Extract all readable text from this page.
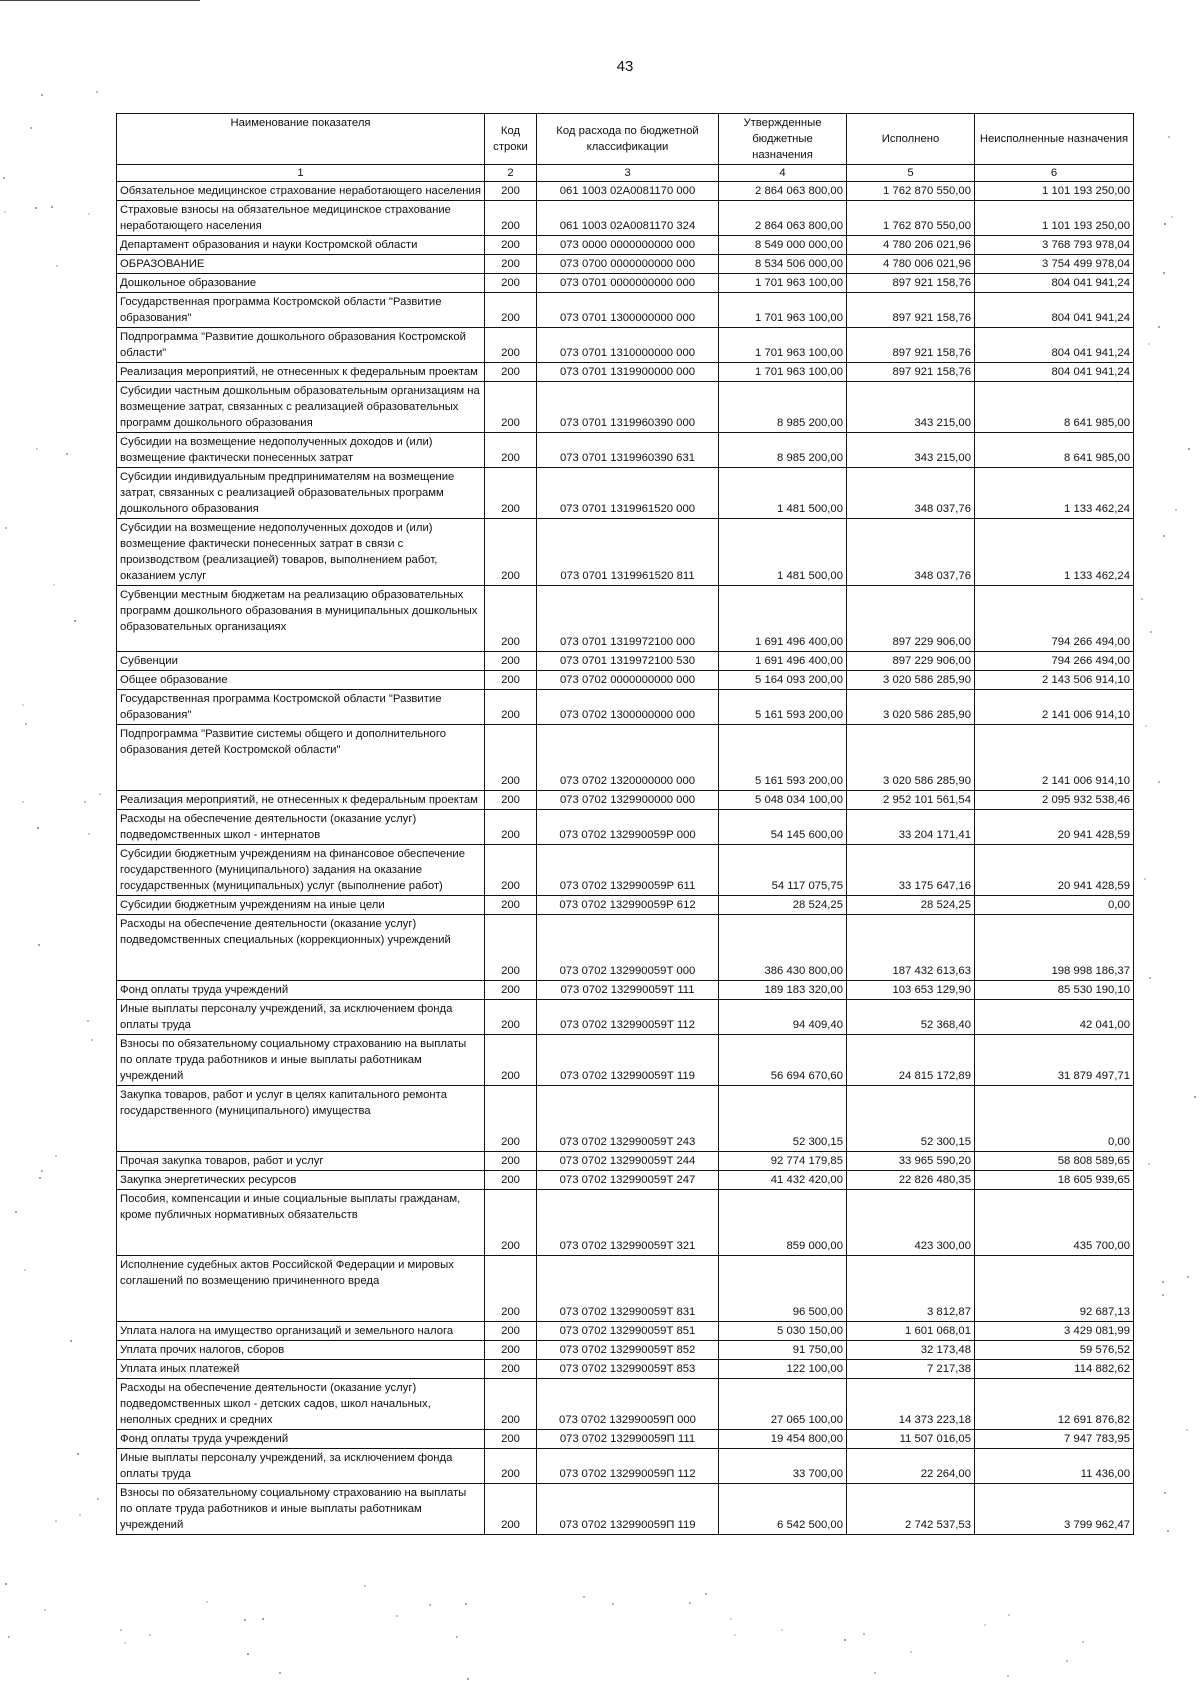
43
Наименование показателя	Код строки	Код расхода по бюджетной классификации	Утвержденные бюджетные назначения	Исполнено	Неисполненные назначения
1	2	3	4	5	6
Обязательное медицинское страхование неработающего населения	200	061 1003 02А0081170 000	2 864 063 800,00	1 762 870 550,00	1 101 193 250,00
Страховые взносы на обязательное медицинское страхование неработающего населения	200	061 1003 02А0081170 324	2 864 063 800,00	1 762 870 550,00	1 101 193 250,00
Департамент образования и науки Костромской области	200	073 0000 0000000000 000	8 549 000 000,00	4 780 206 021,96	3 768 793 978,04
ОБРАЗОВАНИЕ	200	073 0700 0000000000 000	8 534 506 000,00	4 780 006 021,96	3 754 499 978,04
Дошкольное образование	200	073 0701 0000000000 000	1 701 963 100,00	897 921 158,76	804 041 941,24
Государственная программа Костромской области "Развитие образования"	200	073 0701 1300000000 000	1 701 963 100,00	897 921 158,76	804 041 941,24
Подпрограмма "Развитие дошкольного образования Костромской области"	200	073 0701 1310000000 000	1 701 963 100,00	897 921 158,76	804 041 941,24
Реализация мероприятий, не отнесенных к федеральным проектам	200	073 0701 1319900000 000	1 701 963 100,00	897 921 158,76	804 041 941,24
Субсидии частным дошкольным образовательным организациям на возмещение затрат, связанных с реализацией образовательных программ дошкольного образования	200	073 0701 1319960390 000	8 985 200,00	343 215,00	8 641 985,00
Субсидии на возмещение недополученных доходов и (или) возмещение фактически понесенных затрат	200	073 0701 1319960390 631	8 985 200,00	343 215,00	8 641 985,00
Субсидии индивидуальным предпринимателям на возмещение затрат, связанных с реализацией образовательных программ дошкольного образования	200	073 0701 1319961520 000	1 481 500,00	348 037,76	1 133 462,24
Субсидии на возмещение недополученных доходов и (или) возмещение фактически понесенных затрат в связи с производством (реализацией) товаров, выполнением работ, оказанием услуг	200	073 0701 1319961520 811	1 481 500,00	348 037,76	1 133 462,24
Субвенции местным бюджетам на реализацию образовательных программ дошкольного образования в муниципальных дошкольных образовательных организациях	200	073 0701 1319972100 000	1 691 496 400,00	897 229 906,00	794 266 494,00
Субвенции	200	073 0701 1319972100 530	1 691 496 400,00	897 229 906,00	794 266 494,00
Общее образование	200	073 0702 0000000000 000	5 164 093 200,00	3 020 586 285,90	2 143 506 914,10
Государственная программа Костромской области "Развитие образования"	200	073 0702 1300000000 000	5 161 593 200,00	3 020 586 285,90	2 141 006 914,10
Подпрограмма "Развитие системы общего и дополнительного образования детей Костромской области"	200	073 0702 1320000000 000	5 161 593 200,00	3 020 586 285,90	2 141 006 914,10
Реализация мероприятий, не отнесенных к федеральным проектам	200	073 0702 1329900000 000	5 048 034 100,00	2 952 101 561,54	2 095 932 538,46
Расходы на обеспечение деятельности (оказание услуг) подведомственных школ - интернатов	200	073 0702 132990059Р 000	54 145 600,00	33 204 171,41	20 941 428,59
Субсидии бюджетным учреждениям на финансовое обеспечение государственного (муниципального) задания на оказание государственных (муниципальных) услуг (выполнение работ)	200	073 0702 132990059Р 611	54 117 075,75	33 175 647,16	20 941 428,59
Субсидии бюджетным учреждениям на иные цели	200	073 0702 132990059Р 612	28 524,25	28 524,25	0,00
Расходы на обеспечение деятельности (оказание услуг) подведомственных специальных (коррекционных) учреждений	200	073 0702 132990059Т 000	386 430 800,00	187 432 613,63	198 998 186,37
Фонд оплаты труда учреждений	200	073 0702 132990059Т 111	189 183 320,00	103 653 129,90	85 530 190,10
Иные выплаты персоналу учреждений, за исключением фонда оплаты труда	200	073 0702 132990059Т 112	94 409,40	52 368,40	42 041,00
Взносы по обязательному социальному страхованию на выплаты по оплате труда работников и иные выплаты работникам учреждений	200	073 0702 132990059Т 119	56 694 670,60	24 815 172,89	31 879 497,71
Закупка товаров, работ и услуг в целях капитального ремонта государственного (муниципального) имущества	200	073 0702 132990059Т 243	52 300,15	52 300,15	0,00
Прочая закупка товаров, работ и услуг	200	073 0702 132990059Т 244	92 774 179,85	33 965 590,20	58 808 589,65
Закупка энергетических ресурсов	200	073 0702 132990059Т 247	41 432 420,00	22 826 480,35	18 605 939,65
Пособия, компенсации и иные социальные выплаты гражданам, кроме публичных нормативных обязательств	200	073 0702 132990059Т 321	859 000,00	423 300,00	435 700,00
Исполнение судебных актов Российской Федерации и мировых соглашений по возмещению причиненного вреда	200	073 0702 132990059Т 831	96 500,00	3 812,87	92 687,13
Уплата налога на имущество организаций и земельного налога	200	073 0702 132990059Т 851	5 030 150,00	1 601 068,01	3 429 081,99
Уплата прочих налогов, сборов	200	073 0702 132990059Т 852	91 750,00	32 173,48	59 576,52
Уплата иных платежей	200	073 0702 132990059Т 853	122 100,00	7 217,38	114 882,62
Расходы на обеспечение деятельности (оказание услуг) подведомственных школ - детских садов, школ начальных, неполных средних и средних	200	073 0702 132990059П 000	27 065 100,00	14 373 223,18	12 691 876,82
Фонд оплаты труда учреждений	200	073 0702 132990059П 111	19 454 800,00	11 507 016,05	7 947 783,95
Иные выплаты персоналу учреждений, за исключением фонда оплаты труда	200	073 0702 132990059П 112	33 700,00	22 264,00	11 436,00
Взносы по обязательному социальному страхованию на выплаты по оплате труда работников и иные выплаты работникам учреждений	200	073 0702 132990059П 119	6 542 500,00	2 742 537,53	3 799 962,47
